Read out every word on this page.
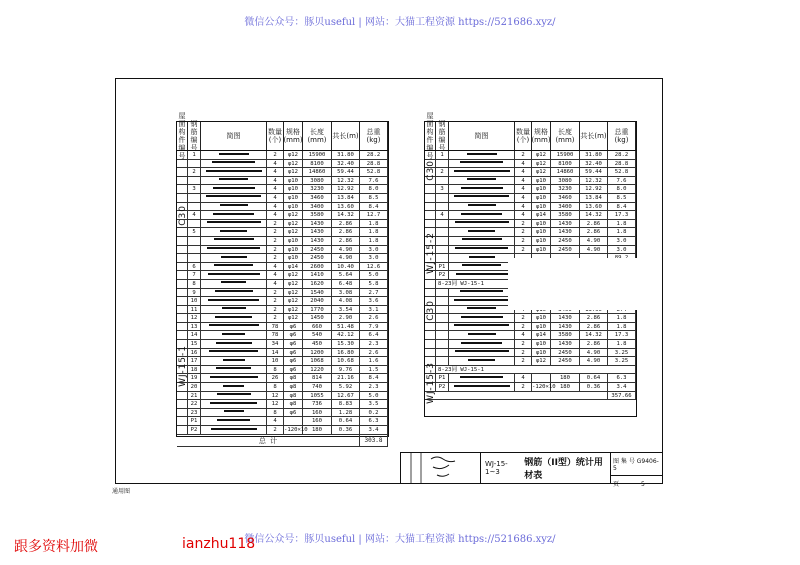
微信公众号：豚贝useful | 网站：大猫工程资源 https://521686.xyz/
屋面构件编号
钢筋编号
简图	数量(个)
规格(mm)
长度(mm) 共长(m)	总重(kg)
1	2	φ12	15900	31.80	28.2
4	φ12	8100	32.40	28.8
2	4	φ12	14860	59.44	52.8
4	φ10	3080	12.32	7.6
3	4	φ10	3230	12.92	8.0
4	φ10	3460	13.84	8.5
4	φ10	3400	13.60	8.4
4	4	φ12	3580	14.32	12.7
2	φ12	1430	2.86	1.8
5	2	φ12	1430	2.86	1.8
2	φ10	1430	2.86	1.8
2	φ10	2450	4.90	3.0
2	φ10	2450	4.90	3.0
6	4	φ14	2600	10.40	12.6
7	4	φ12	1410	5.64	5.0
8	4	φ12	1620	6.48	5.8
9	2	φ12	1540	3.08	2.7
10	2	φ12	2040	4.08	3.6
11	2	φ12	1770	3.54	3.1
12	2	φ12	1450	2.90	2.6
13	78	φ6	660	51.48	7.9
14	78	φ6	540	42.12	6.4
15	34	φ6	450	15.30	2.3
16	14	φ6	1200	16.80	2.6
17	10	φ6	1068	10.68	1.6
18	8	φ6	1220	9.76	1.5
19	26	φ8	814	21.16	8.4
20	8	φ8	740	5.92	2.3
21	12	φ8	1055	12.67	5.0
22	12	φ8	736	8.83	3.5
23	8	φ6	160	1.28	0.2
P1	4	160	0.64	6.3
P2	2	-120×10 180	0.36	3.4
总 计	303.8
C30
WJ-15-1
屋面构件编号
钢筋编号
简图	数量(个)
规格(mm)
长度(mm) 共长(m)	总重(kg)
1	2	φ12	15900	31.80	28.2
4	φ12	8100	32.40	28.8
2	4	φ12	14860	59.44	52.8
4	φ10	3080	12.32	7.6
3	4	φ10	3230	12.92	8.0
4	φ10	3460	13.84	8.5
4	φ10	3400	13.60	8.4
4	4	φ14	3580	14.32	17.3
2	φ10	1430	2.86	1.8
2	φ10	1430	2.86	1.8
2	φ10	2450	4.90	3.0
2	φ10	2450	4.90	3.0
P1
P2
8-23同 WJ-15-1
2	φ10	1430	2.86	1.8
2	φ10	1430	2.86	1.8
4	φ14	3580	14.32	17.3
2	φ10	1430	2.86	1.8
2	φ10	2450	4.90	3.25
2	φ12	2450	4.90	3.25
8-23同 WJ-15-1
P1	4	180	0.64	6.3
P2	2	-120×10 180	0.36	3.4
357.66
C30
WJ-15-2
C30
WJ-15-3
WJ-15-1~3
钢筋（II型）统计用材表
图 集 号 G9406-5
页	5
通用图
微信公众号：豚贝useful | 网站：大猫工程资源 https://521686.xyz/
跟多资料加微	ianzhu118
